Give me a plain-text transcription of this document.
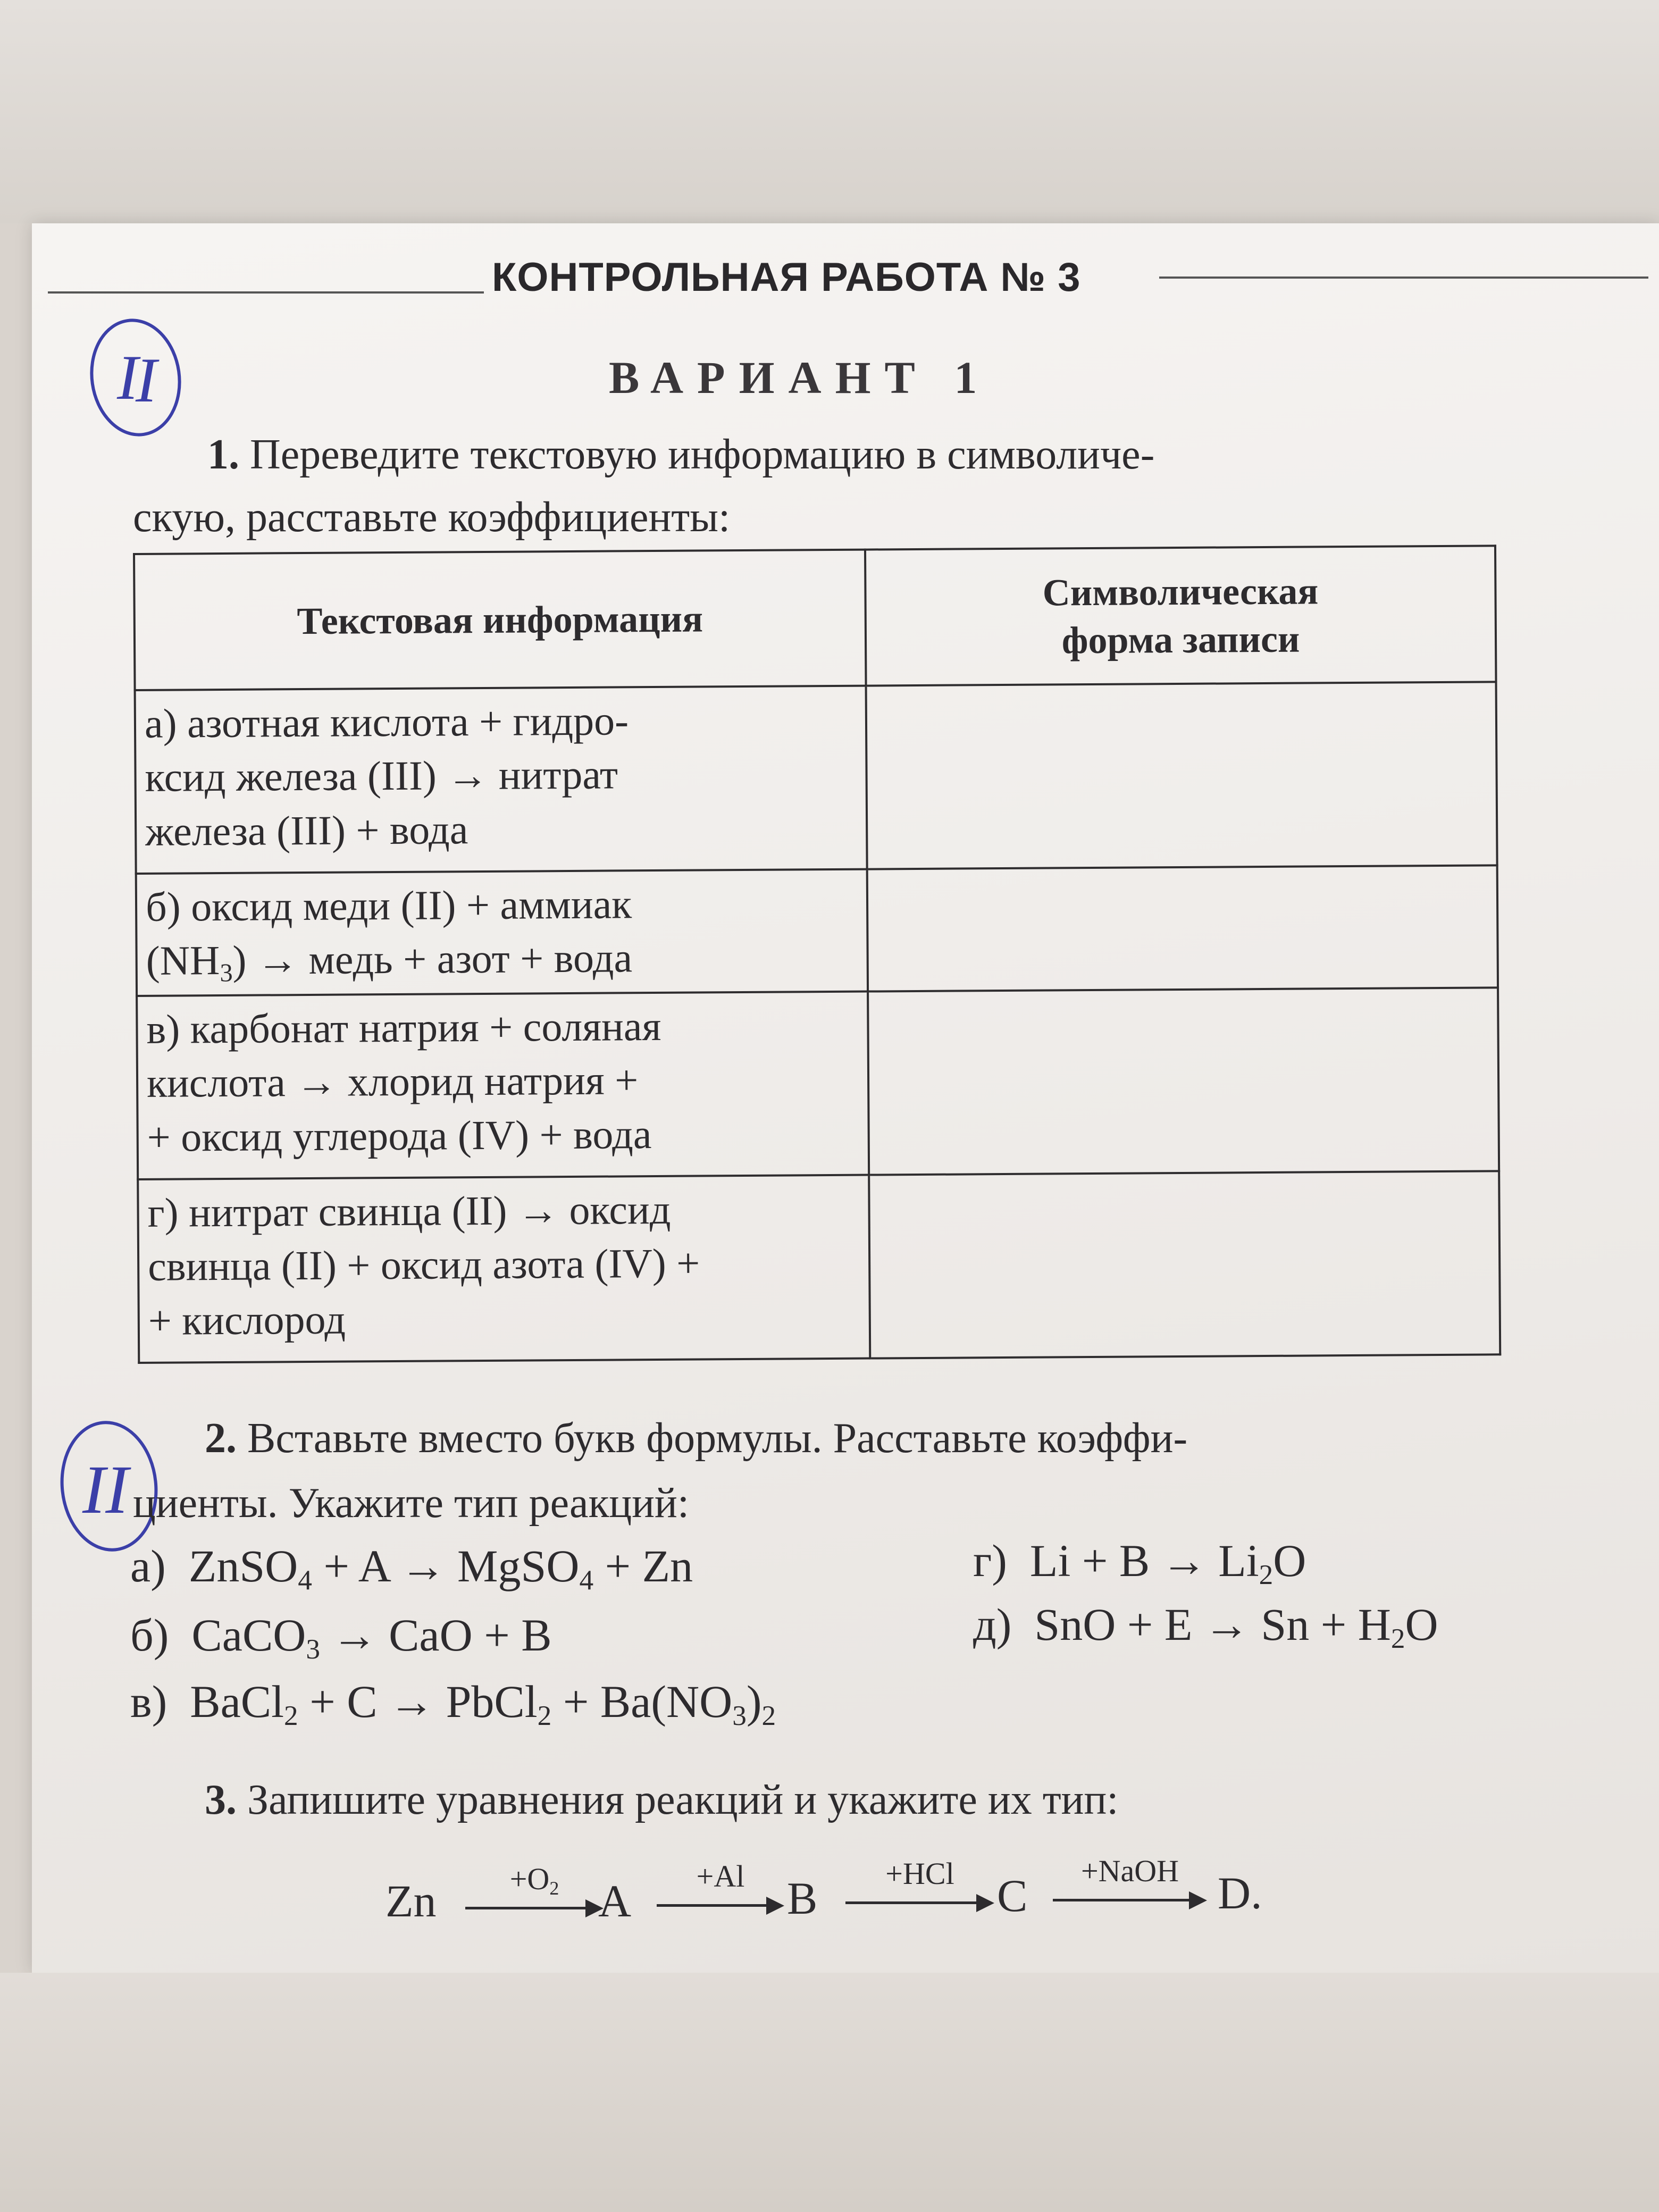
КОНТРОЛЬНАЯ РАБОТА № 3
ВАРИАНТ 1
I
I
II
1. Переведите текстовую информацию в символиче-
скую, расставьте коэффициенты:
Текстовая информация	Символическая
форма записи

а) азотная кислота + гидро-
ксид железа (III) → нитрат
железа (III) + вода	

б) оксид меди (II) + аммиак
$(NH_3)$ → медь + азот + вода	

в) карбонат натрия + соляная
кислота → хлорид натрия +
+ оксид углерода (IV) + вода	

г) нитрат свинца (II) → оксид
свинца (II) + оксид азота (IV) +
+ кислород	

2. Вставьте вместо букв формулы. Расставьте коэффи-
циенты. Укажите тип реакций:
а) ZnSO$_4$ + A → MgSO$_4$ + Zn
б) CaCO$_3$ → CaO + B
в) BaCl$_2$ + C → PbCl$_2$ + $Ba(NO_3)_2$
г) $Li + B \to Li_2O$
д) SnO + $E \to Sn + H_2O$
3. Запишите уравнения реакций и укажите их тип:
Zn	$+O_2$ A	+Al B	+HCl C	+NaOH D.
